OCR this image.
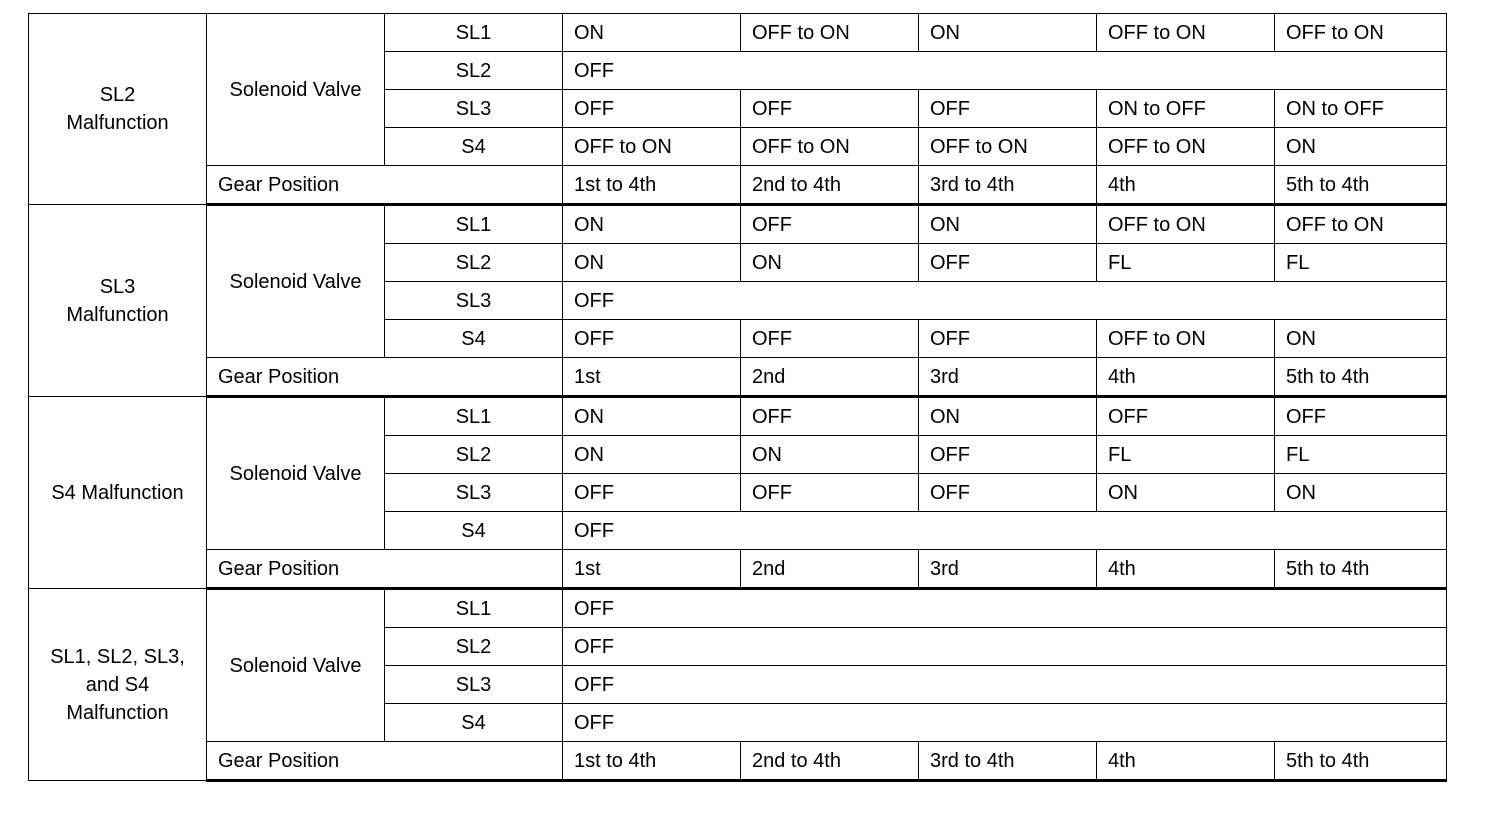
SL2
Malfunction	Solenoid Valve	SL1	ON	OFF to ON	ON	OFF to ON	OFF to ON
		SL2	OFF				
		SL3	OFF	OFF	OFF	ON to OFF	ON to OFF
		S4	OFF to ON	OFF to ON	OFF to ON	OFF to ON	ON
	Gear Position		1st to 4th	2nd to 4th	3rd to 4th	4th	5th to 4th
SL3
Malfunction	Solenoid Valve	SL1	ON	OFF	ON	OFF to ON	OFF to ON
		SL2	ON	ON	OFF	FL	FL
		SL3	OFF				
		S4	OFF	OFF	OFF	OFF to ON	ON
	Gear Position		1st	2nd	3rd	4th	5th to 4th
S4 Malfunction	Solenoid Valve	SL1	ON	OFF	ON	OFF	OFF
		SL2	ON	ON	OFF	FL	FL
		SL3	OFF	OFF	OFF	ON	ON
		S4	OFF				
	Gear Position		1st	2nd	3rd	4th	5th to 4th
SL1, SL2, SL3,
and S4
Malfunction	Solenoid Valve	SL1	OFF				
		SL2	OFF				
		SL3	OFF				
		S4	OFF				
	Gear Position		1st to 4th	2nd to 4th	3rd to 4th	4th	5th to 4th
